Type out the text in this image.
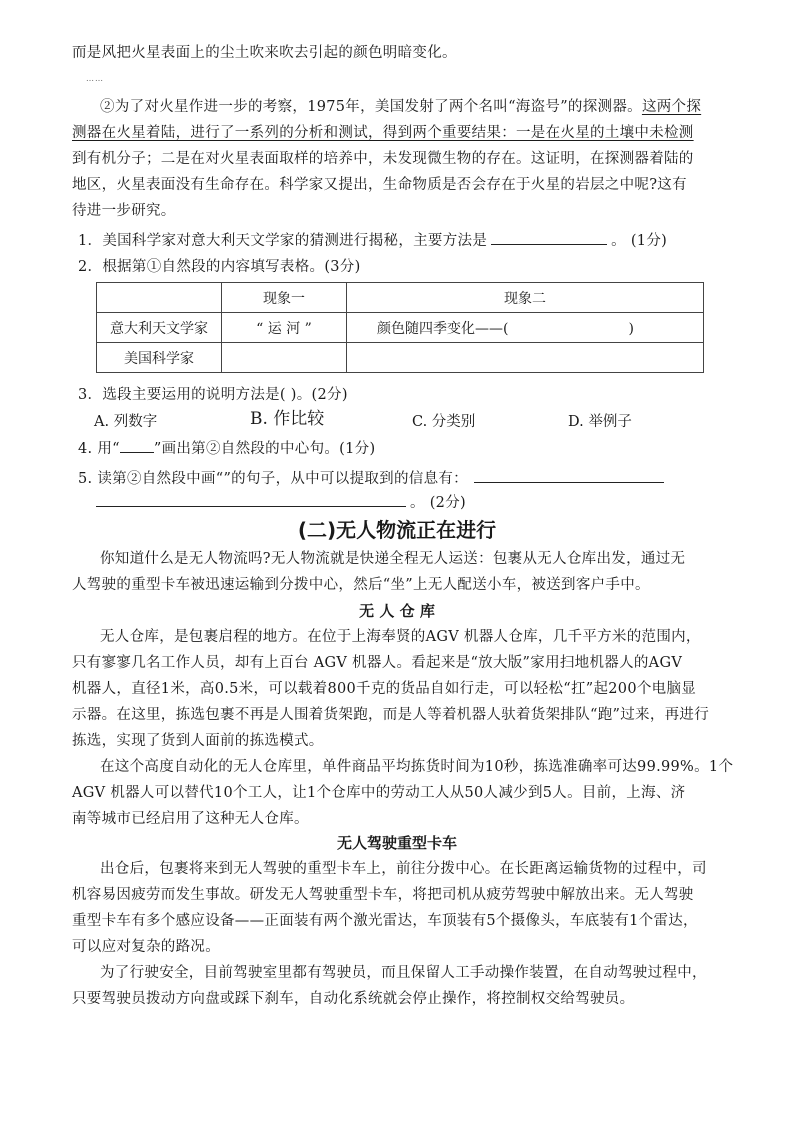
而是风把火星表面上的尘土吹来吹去引起的颜色明暗变化。
……
②为了对火星作进一步的考察，1975年，美国发射了两个名叫“海盗号”的探测器。这两个探
测器在火星着陆，进行了一系列的分析和测试，得到两个重要结果：一是在火星的土壤中未检测
到有机分子；二是在对火星表面取样的培养中，未发现微生物的存在。这证明，在探测器着陆的
地区，火星表面没有生命存在。科学家又提出，生命物质是否会存在于火星的岩层之中呢?这有
待进一步研究。
1．美国科学家对意大利天文学家的猜测进行揭秘，主要方法是	。 (1分)
2．根据第①自然段的内容填写表格。(3分)
	现象一	现象二
意大利天文学家	“ 运 河 ”	颜色随四季变化——( )
美国科学家		
3．选段主要运用的说明方法是( )。(2分)
A. 列数字	B. 作比较	C. 分类别	D. 举例子
4. 用“ ”画出第②自然段的中心句。(1分)
5. 读第②自然段中画“”的句子，从中可以提取到的信息有：
。 (2分)
(二)无人物流正在进行
你知道什么是无人物流吗?无人物流就是快递全程无人运送：包裹从无人仓库出发，通过无
人驾驶的重型卡车被迅速运输到分拨中心，然后“坐”上无人配送小车，被送到客户手中。
无 人 仓 库
无人仓库，是包裹启程的地方。在位于上海奉贤的AGV 机器人仓库，几千平方米的范围内，
只有寥寥几名工作人员，却有上百台 AGV 机器人。看起来是“放大版”家用扫地机器人的AGV
机器人，直径1米，高0.5米，可以载着800千克的货品自如行走，可以轻松“扛”起200个电脑显
示器。在这里，拣选包裹不再是人围着货架跑，而是人等着机器人驮着货架排队“跑”过来，再进行
拣选，实现了货到人面前的拣选模式。
在这个高度自动化的无人仓库里，单件商品平均拣货时间为10秒，拣选准确率可达99.99%。1个
AGV 机器人可以替代10个工人，让1个仓库中的劳动工人从50人减少到5人。目前，上海、济
南等城市已经启用了这种无人仓库。
无人驾驶重型卡车
出仓后，包裹将来到无人驾驶的重型卡车上，前往分拨中心。在长距离运输货物的过程中，司
机容易因疲劳而发生事故。研发无人驾驶重型卡车，将把司机从疲劳驾驶中解放出来。无人驾驶
重型卡车有多个感应设备——正面装有两个激光雷达，车顶装有5个摄像头，车底装有1个雷达，
可以应对复杂的路况。
为了行驶安全，目前驾驶室里都有驾驶员，而且保留人工手动操作装置，在自动驾驶过程中，
只要驾驶员拨动方向盘或踩下刹车，自动化系统就会停止操作，将控制权交给驾驶员。
